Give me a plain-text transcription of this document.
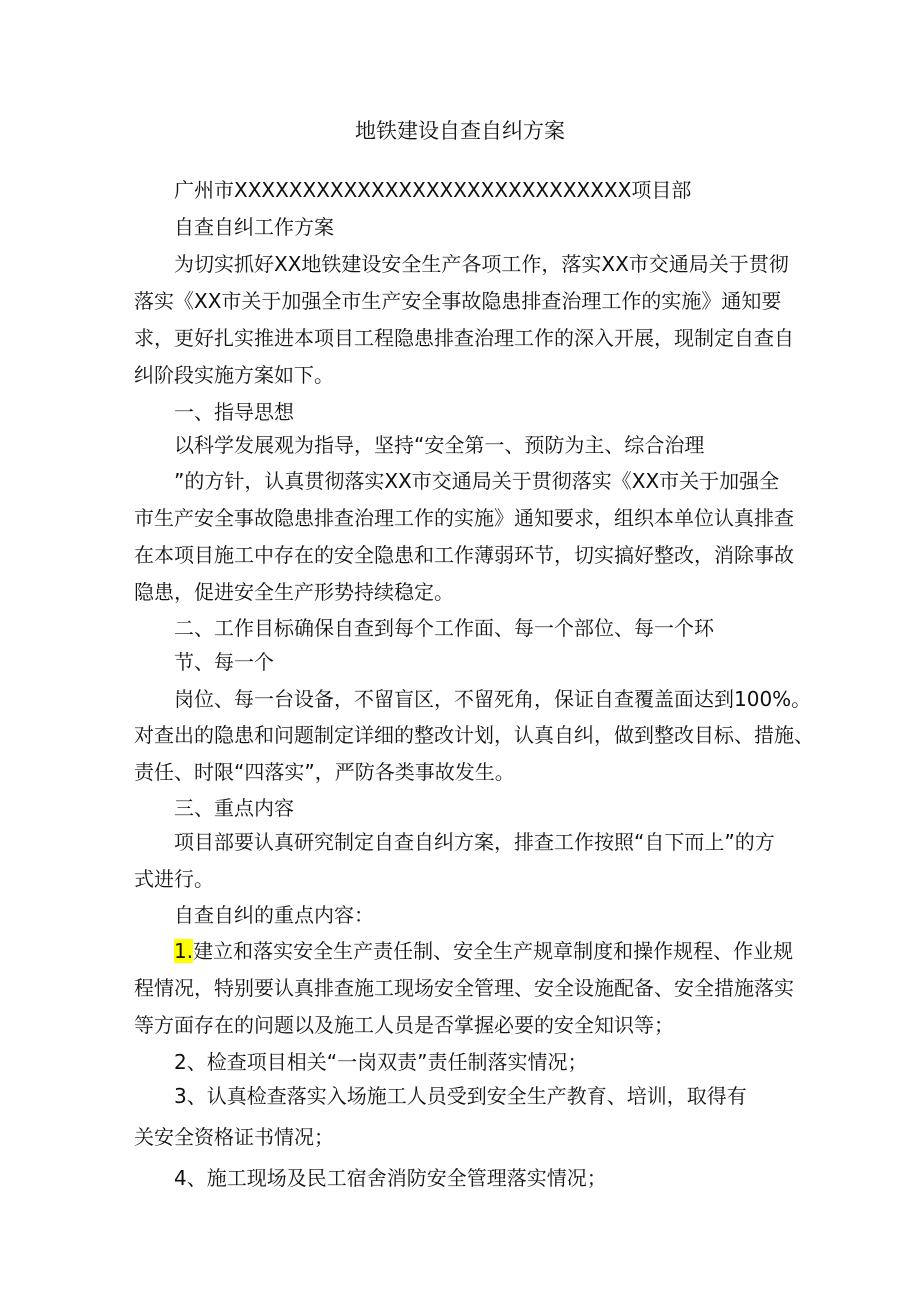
地铁建设自查自纠方案
广州市XXXXXXXXXXXXXXXXXXXXXXXXXXXXX项目部
自查自纠工作方案
为切实抓好XX地铁建设安全生产各项工作，落实XX市交通局关于贯彻
落实《XX市关于加强全市生产安全事故隐患排查治理工作的实施》通知要
求，更好扎实推进本项目工程隐患排查治理工作的深入开展，现制定自查自
纠阶段实施方案如下。
一、指导思想
以科学发展观为指导，坚持“安全第一、预防为主、综合治理
”的方针，认真贯彻落实XX市交通局关于贯彻落实《XX市关于加强全
市生产安全事故隐患排查治理工作的实施》通知要求，组织本单位认真排查
在本项目施工中存在的安全隐患和工作薄弱环节，切实搞好整改，消除事故
隐患，促进安全生产形势持续稳定。
二、工作目标确保自查到每个工作面、每一个部位、每一个环
节、每一个
岗位、每一台设备，不留盲区，不留死角，保证自查覆盖面达到100%。
对查出的隐患和问题制定详细的整改计划，认真自纠，做到整改目标、措施、
责任、时限“四落实”，严防各类事故发生。
三、重点内容
项目部要认真研究制定自查自纠方案，排查工作按照“自下而上”的方
式进行。
自查自纠的重点内容：
1.建立和落实安全生产责任制、安全生产规章制度和操作规程、作业规
程情况，特别要认真排查施工现场安全管理、安全设施配备、安全措施落实
等方面存在的问题以及施工人员是否掌握必要的安全知识等；
2、检查项目相关“一岗双责”责任制落实情况；
3、认真检查落实入场施工人员受到安全生产教育、培训，取得有
关安全资格证书情况；
4、施工现场及民工宿舍消防安全管理落实情况；
